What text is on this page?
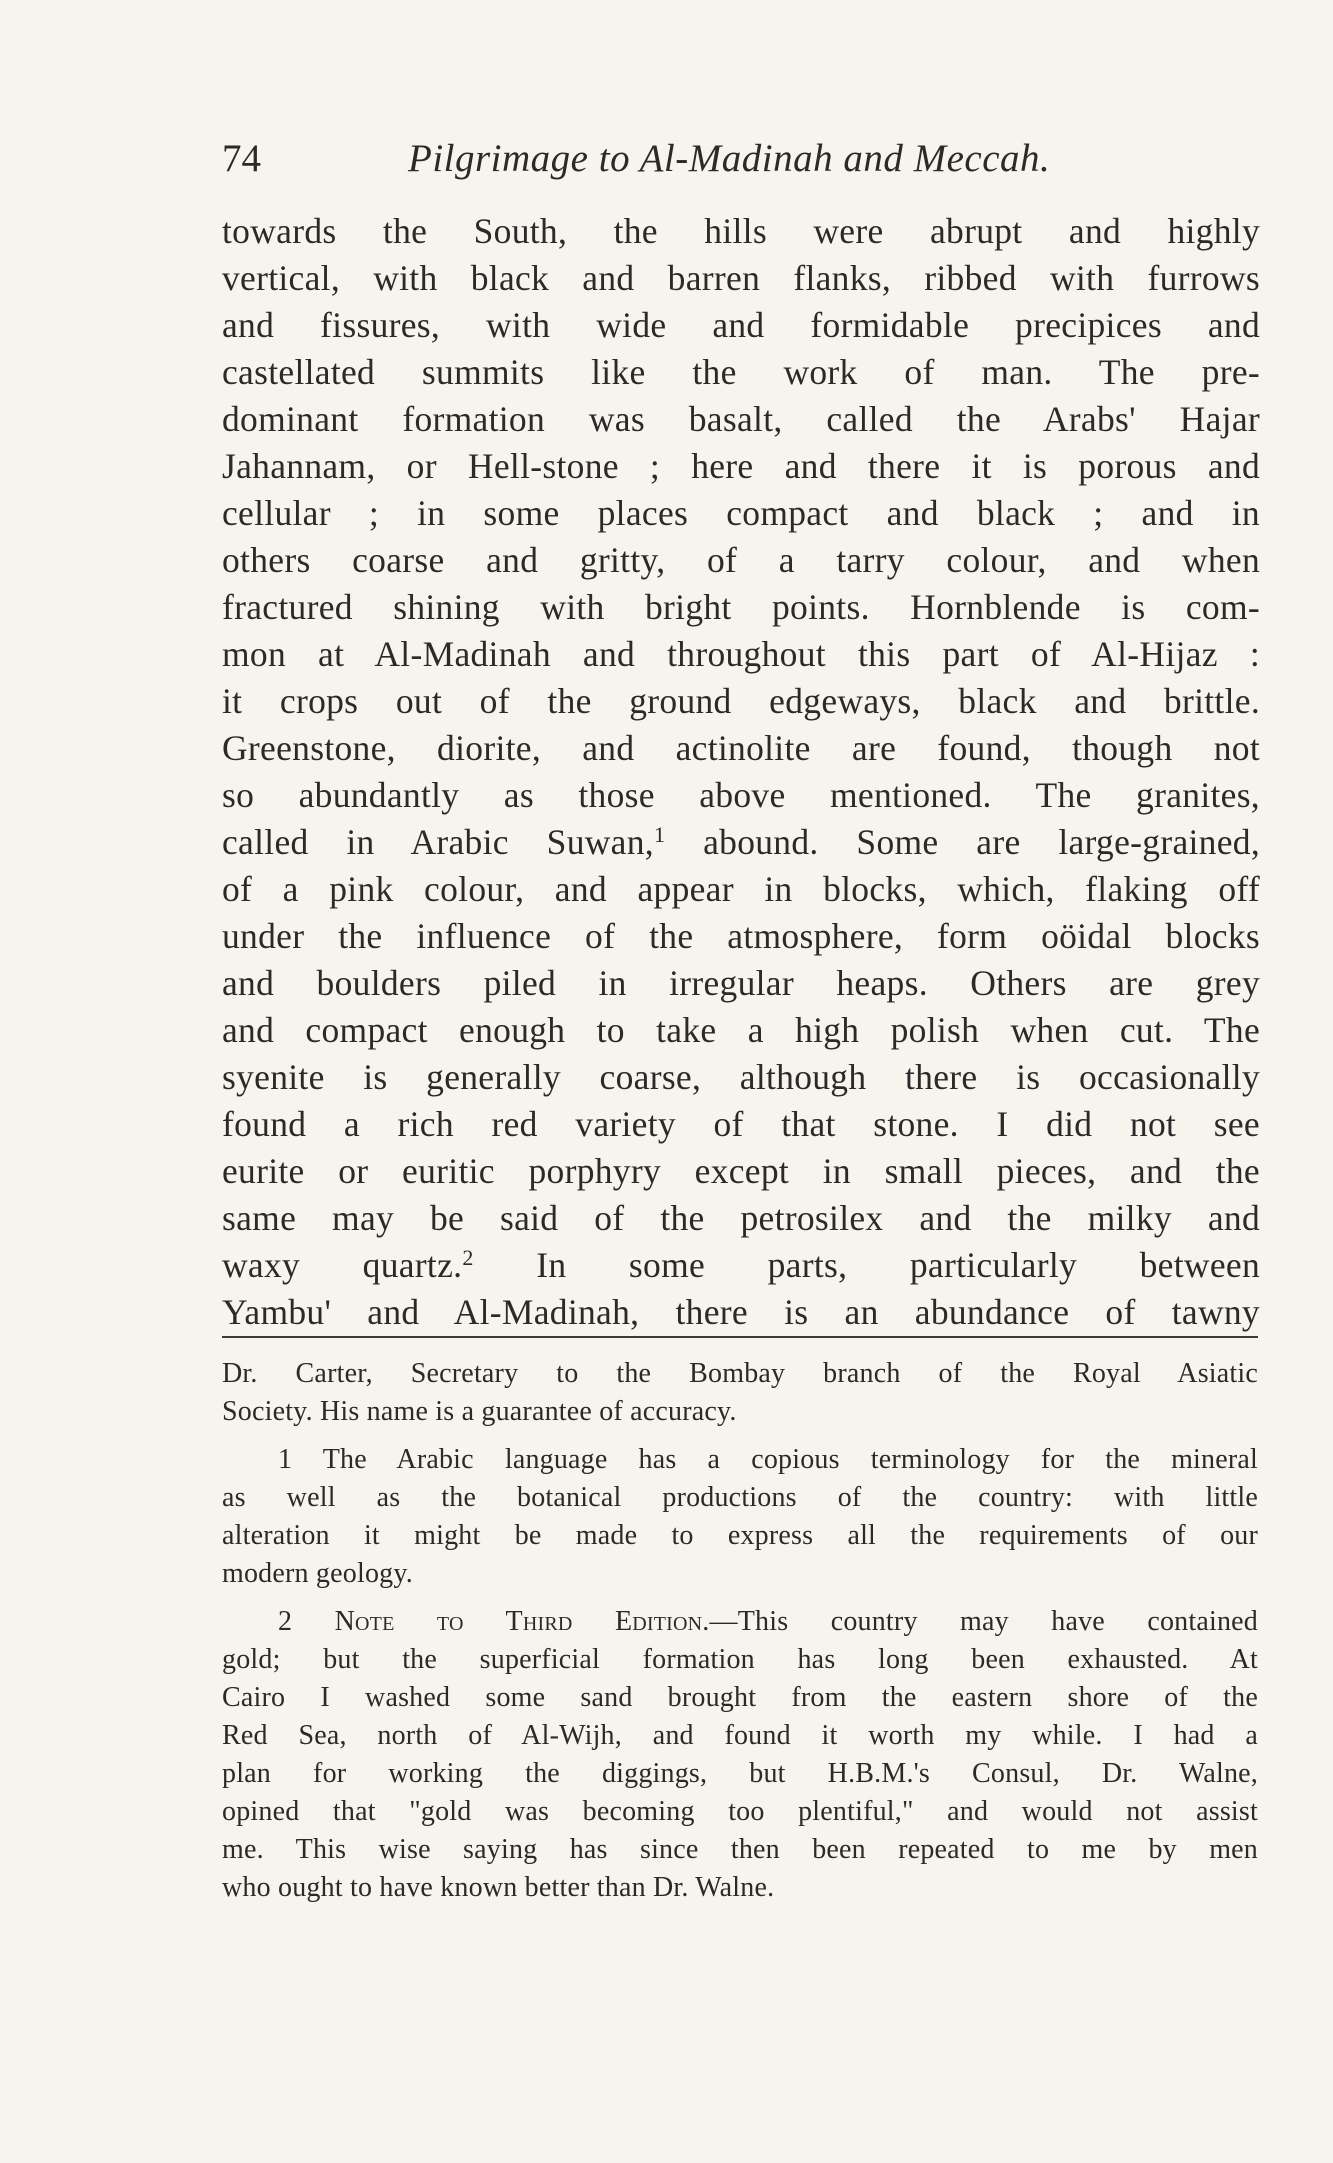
74	Pilgrimage to Al-Madinah and Meccah.
towards the South, the hills were abrupt and highly
vertical, with black and barren flanks, ribbed with furrows
and fissures, with wide and formidable precipices and
castellated summits like the work of man. The pre-
dominant formation was basalt, called the Arabs' Hajar
Jahannam, or Hell-stone ; here and there it is porous and
cellular ; in some places compact and black ; and in
others coarse and gritty, of a tarry colour, and when
fractured shining with bright points. Hornblende is com-
mon at Al-Madinah and throughout this part of Al-Hijaz :
it crops out of the ground edgeways, black and brittle.
Greenstone, diorite, and actinolite are found, though not
so abundantly as those above mentioned. The granites,
called in Arabic Suwan,$^1$ abound. Some are large-grained,
of a pink colour, and appear in blocks, which, flaking off
under the influence of the atmosphere, form oöidal blocks
and boulders piled in irregular heaps. Others are grey
and compact enough to take a high polish when cut. The
syenite is generally coarse, although there is occasionally
found a rich red variety of that stone. I did not see
eurite or euritic porphyry except in small pieces, and the
same may be said of the petrosilex and the milky and
waxy quartz.$^2$ In some parts, particularly between
Yambu' and Al-Madinah, there is an abundance of tawny
Dr. Carter, Secretary to the Bombay branch of the Royal Asiatic
Society. His name is a guarantee of accuracy.
1 The Arabic language has a copious terminology for the mineral
as well as the botanical productions of the country: with little
alteration it might be made to express all the requirements of our
modern geology.
2 Note to Third Edition.—This country may have contained
gold; but the superficial formation has long been exhausted. At
Cairo I washed some sand brought from the eastern shore of the
Red Sea, north of Al-Wijh, and found it worth my while. I had a
plan for working the diggings, but H.B.M.'s Consul, Dr. Walne,
opined that "gold was becoming too plentiful," and would not assist
me. This wise saying has since then been repeated to me by men
who ought to have known better than Dr. Walne.
